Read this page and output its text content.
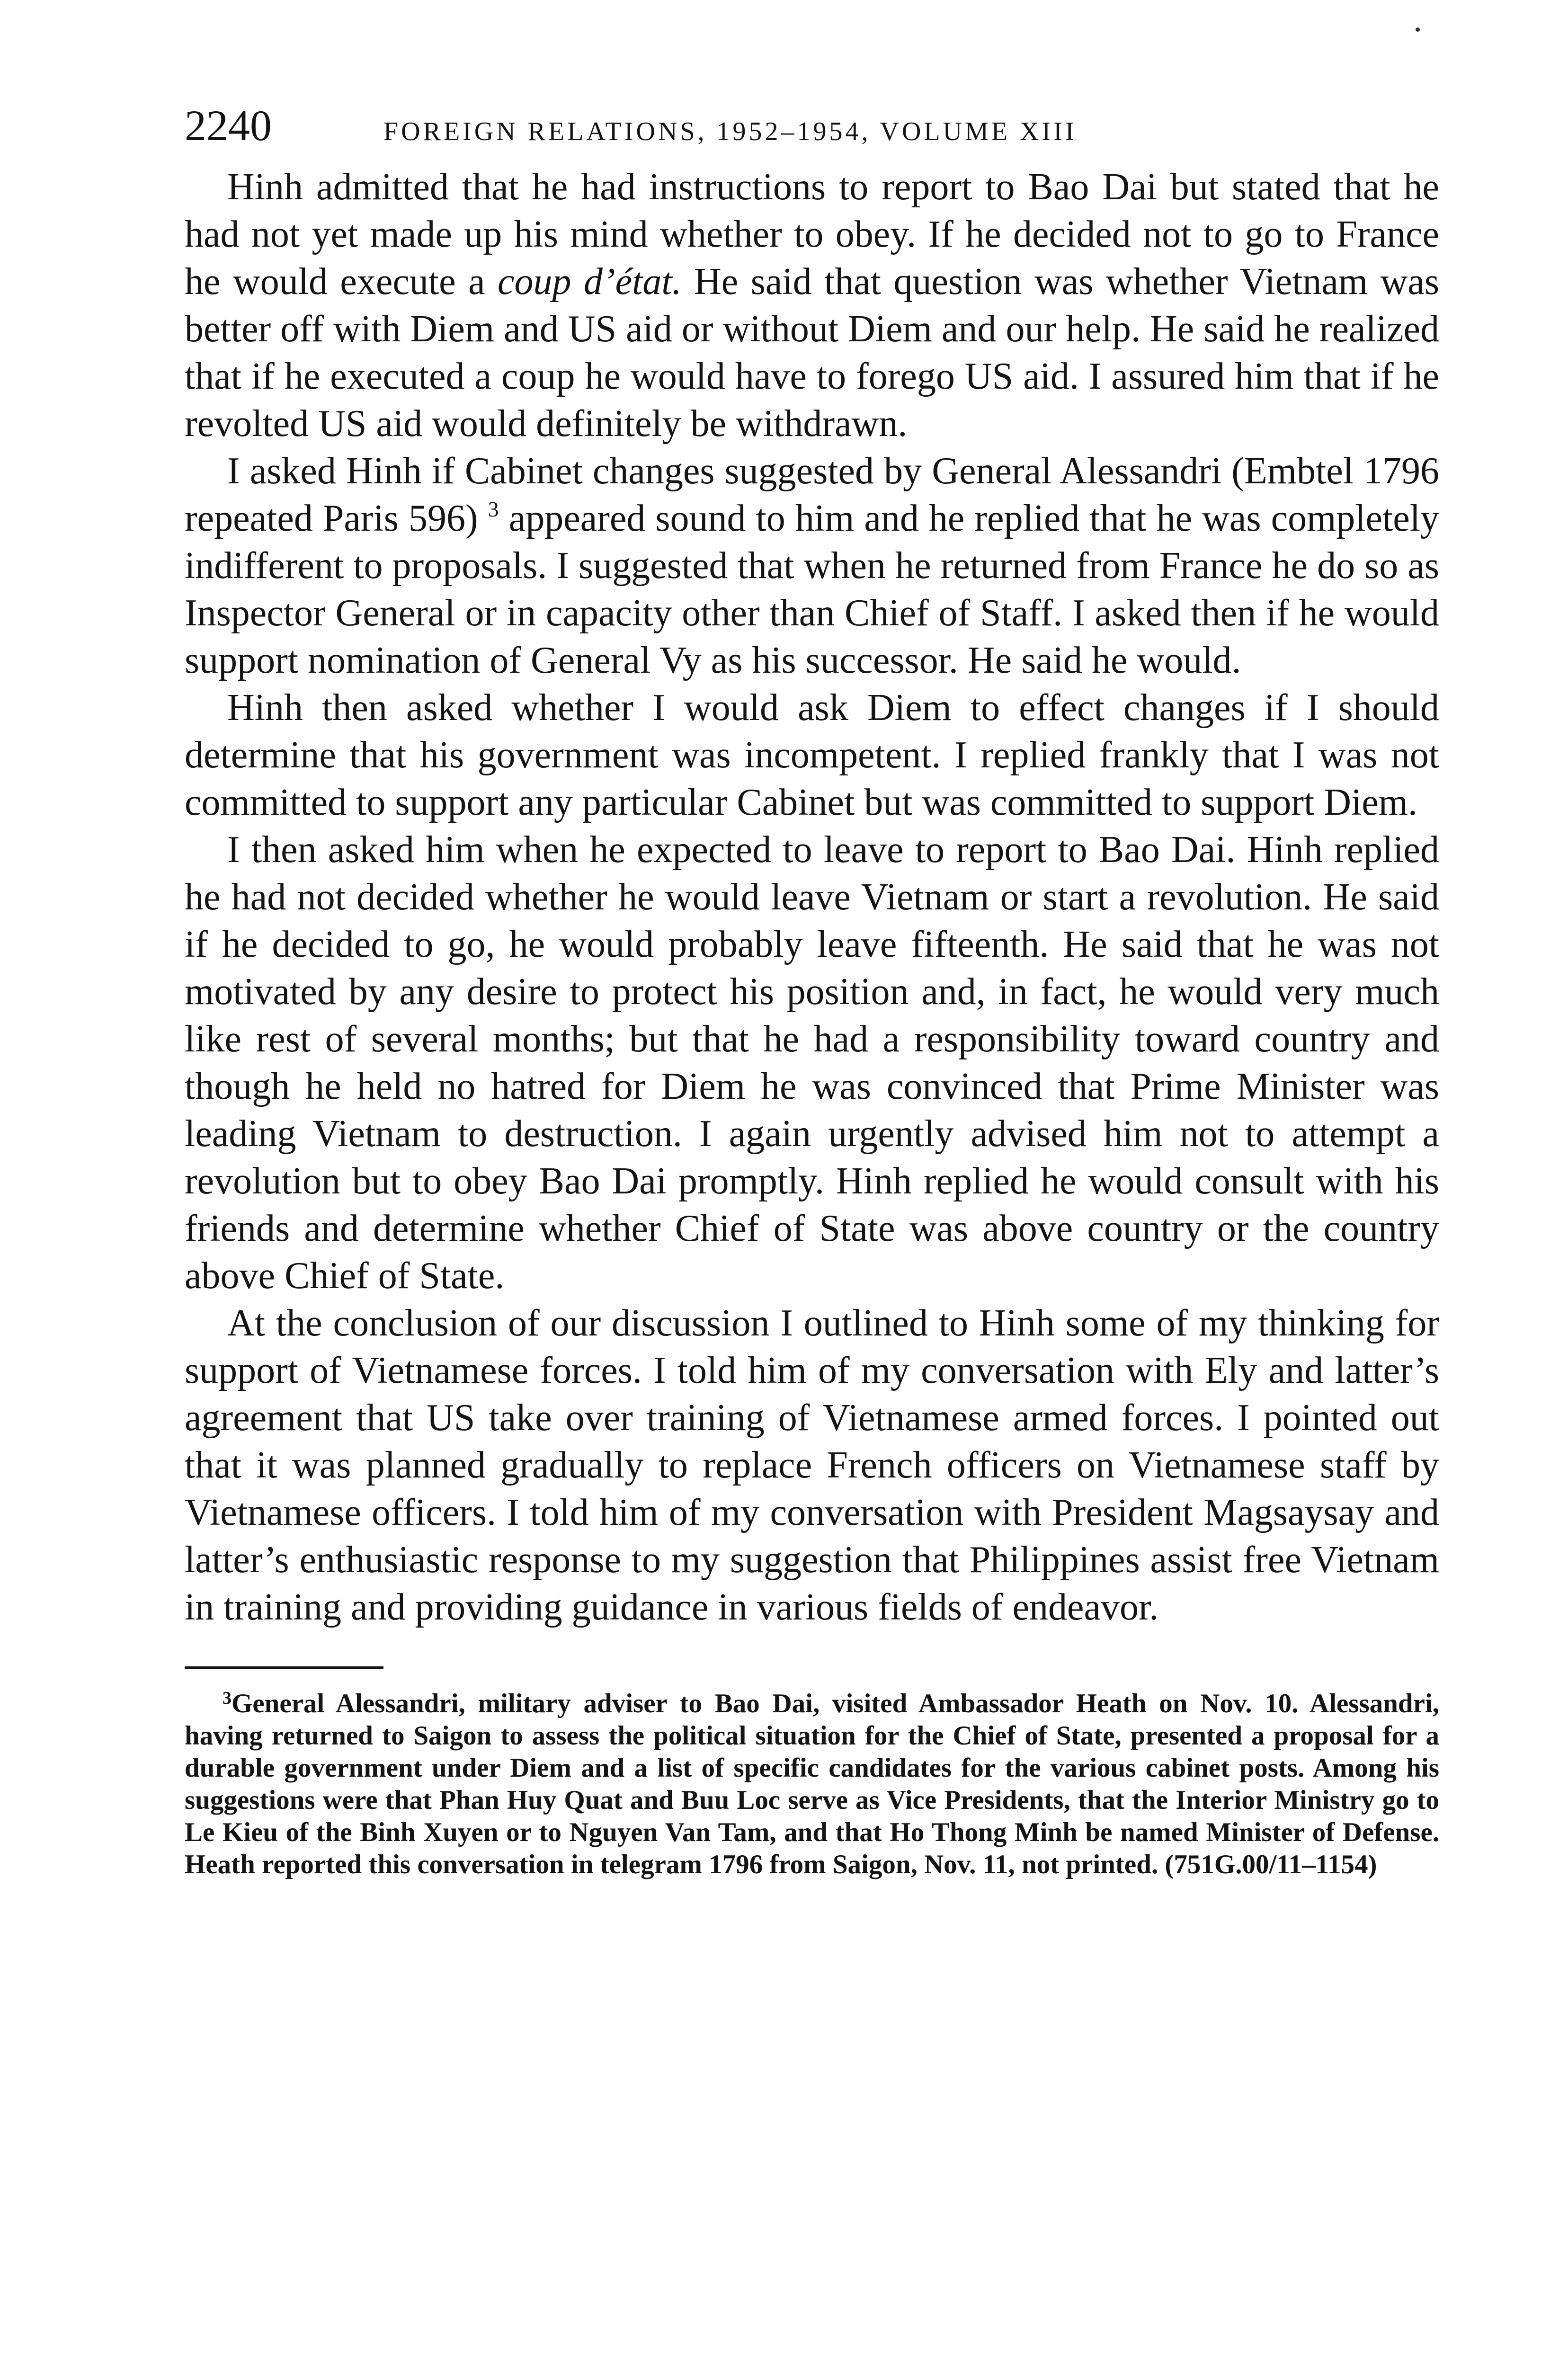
2240	FOREIGN RELATIONS, 1952–1954, VOLUME XIII

Hinh admitted that he had instructions to report to Bao Dai but stated that he had not yet made up his mind whether to obey. If he decided not to go to France he would execute a coup d’état. He said that question was whether Vietnam was better off with Diem and US aid or without Diem and our help. He said he realized that if he executed a coup he would have to forego US aid. I assured him that if he revolted US aid would definitely be withdrawn.

I asked Hinh if Cabinet changes suggested by General Alessandri (Embtel 1796 repeated Paris 596) $^3$ appeared sound to him and he replied that he was completely indifferent to proposals. I suggested that when he returned from France he do so as Inspector General or in capacity other than Chief of Staff. I asked then if he would support nomination of General Vy as his successor. He said he would.

Hinh then asked whether I would ask Diem to effect changes if I should determine that his government was incompetent. I replied frankly that I was not committed to support any particular Cabinet but was committed to support Diem.

I then asked him when he expected to leave to report to Bao Dai. Hinh replied he had not decided whether he would leave Vietnam or start a revolution. He said if he decided to go, he would probably leave fifteenth. He said that he was not motivated by any desire to protect his position and, in fact, he would very much like rest of several months; but that he had a responsibility toward country and though he held no hatred for Diem he was convinced that Prime Minister was leading Vietnam to destruction. I again urgently advised him not to attempt a revolution but to obey Bao Dai promptly. Hinh replied he would consult with his friends and determine whether Chief of State was above country or the country above Chief of State.

At the conclusion of our discussion I outlined to Hinh some of my thinking for support of Vietnamese forces. I told him of my conversation with Ely and latter’s agreement that US take over training of Vietnamese armed forces. I pointed out that it was planned gradually to replace French officers on Vietnamese staff by Vietnamese officers. I told him of my conversation with President Magsaysay and latter’s enthusiastic response to my suggestion that Philippines assist free Vietnam in training and providing guidance in various fields of endeavor.

$^3$General Alessandri, military adviser to Bao Dai, visited Ambassador Heath on Nov. 10. Alessandri, having returned to Saigon to assess the political situation for the Chief of State, presented a proposal for a durable government under Diem and a list of specific candidates for the various cabinet posts. Among his suggestions were that Phan Huy Quat and Buu Loc serve as Vice Presidents, that the Interior Ministry go to Le Kieu of the Binh Xuyen or to Nguyen Van Tam, and that Ho Thong Minh be named Minister of Defense. Heath reported this conversation in telegram 1796 from Saigon, Nov. 11, not printed. (751G.00/11–1154)
